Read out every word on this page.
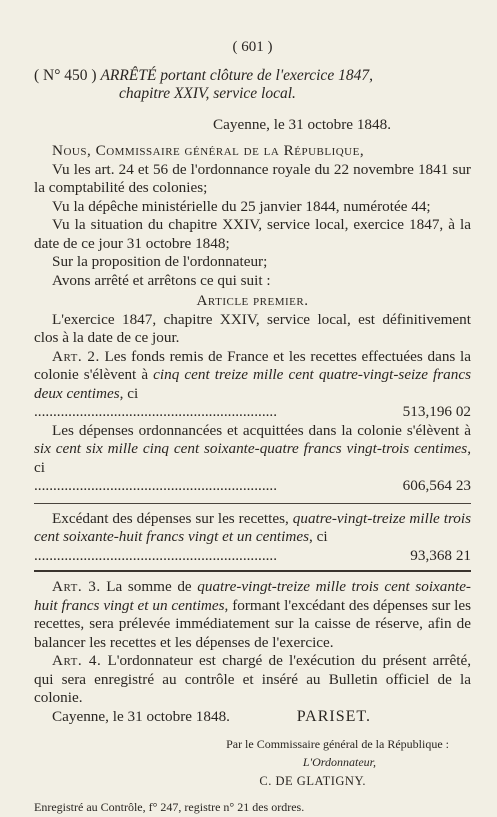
( 601 )

( N° 450 ) ARRÊTÉ portant clôture de l'exercice 1847,

chapitre XXIV, service local.

Cayenne, le 31 octobre 1848.

Nous, Commissaire général de la République,

Vu les art. 24 et 56 de l'ordonnance royale du 22 novembre 1841 sur la comptabilité des colonies;

Vu la dépêche ministérielle du 25 janvier 1844, numérotée 44;

Vu la situation du chapitre XXIV, service local, exercice 1847, à la date de ce jour 31 octobre 1848;

Sur la proposition de l'ordonnateur;

Avons arrêté et arrêtons ce qui suit :

Article premier.

L'exercice 1847, chapitre XXIV, service local, est définitivement clos à la date de ce jour.

Art. 2. Les fonds remis de France et les recettes effectuées dans la colonie s'élèvent à cinq cent treize mille cent quatre-vingt-seize francs deux centimes, ci

................................................................	513,196 02

Les dépenses ordonnancées et acquittées dans la colonie s'élèvent à six cent six mille cinq cent soixante-quatre francs vingt-trois centimes, ci

................................................................	606,564 23

Excédant des dépenses sur les recettes, quatre-vingt-treize mille trois cent soixante-huit francs vingt et un centimes, ci

................................................................	93,368 21

Art. 3. La somme de quatre-vingt-treize mille trois cent soixante-huit francs vingt et un centimes, formant l'excédant des dépenses sur les recettes, sera prélevée immédiatement sur la caisse de réserve, afin de balancer les recettes et les dépenses de l'exercice.

Art. 4. L'ordonnateur est chargé de l'exécution du présent arrêté, qui sera enregistré au contrôle et inséré au Bulletin officiel de la colonie.

Cayenne, le 31 octobre 1848.	PARISET.

Par le Commissaire général de la République :

L'Ordonnateur,

C. DE GLATIGNY.

Enregistré au Contrôle, f° 247, registre n° 21 des ordres.
